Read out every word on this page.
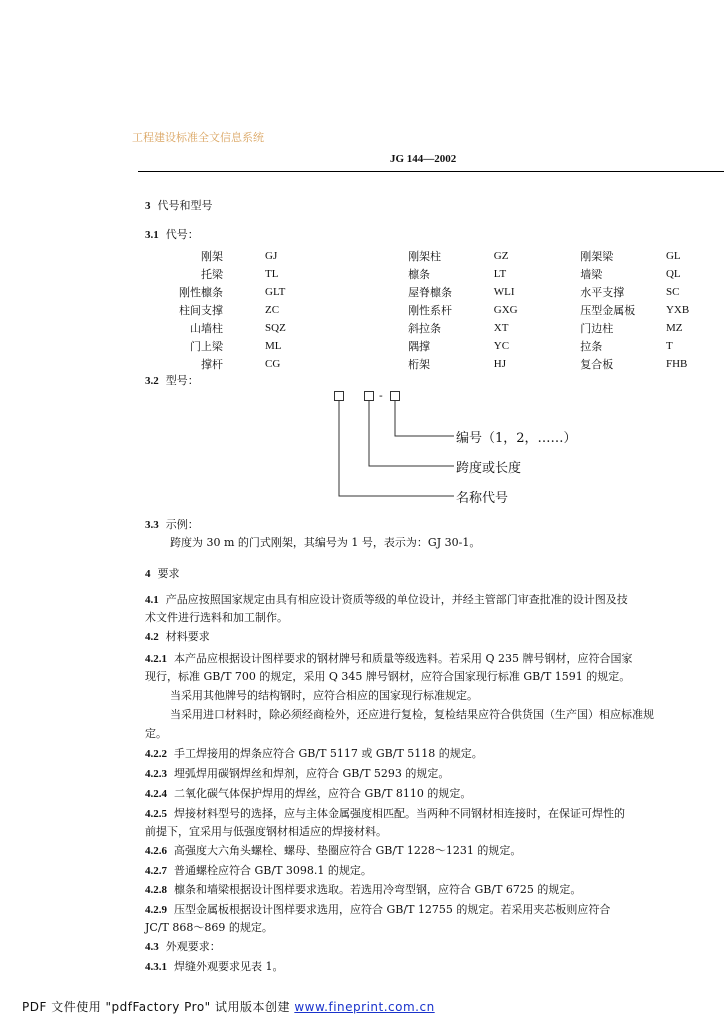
工程建设标准全文信息系统
JG 144—2002
3 代号和型号
3.1 代号：
刚架	GJ	刚架柱	GZ	刚架梁	GL
托梁	TL	檩条	LT	墙梁	QL
刚性檩条	GLT	屋脊檩条	WLI	水平支撑	SC
柱间支撑	ZC	刚性系杆	GXG	压型金属板	YXB
山墙柱	SQZ	斜拉条	XT	门边柱	MZ
门上梁	ML	隅撑	YC	拉条	T
撑杆	CG	桁架	HJ	复合板	FHB
3.2 型号：
-
编号（1，2，……）
跨度或长度
名称代号
3.3 示例：
跨度为 30 m 的门式刚架，其编号为 1 号，表示为：GJ 30-1。
4 要求
4.1 产品应按照国家规定由具有相应设计资质等级的单位设计，并经主管部门审查批准的设计图及技
术文件进行选料和加工制作。
4.2 材料要求
4.2.1 本产品应根据设计图样要求的钢材牌号和质量等级选料。若采用 Q 235 牌号钢材，应符合国家
现行，标准 GB/T 700 的规定，采用 Q 345 牌号钢材，应符合国家现行标准 GB/T 1591 的规定。
当采用其他牌号的结构钢时，应符合相应的国家现行标准规定。
当采用进口材料时，除必须经商检外，还应进行复检，复检结果应符合供货国（生产国）相应标准规
定。
4.2.2 手工焊接用的焊条应符合 GB/T 5117 或 GB/T 5118 的规定。
4.2.3 埋弧焊用碳钢焊丝和焊剂，应符合 GB/T 5293 的规定。
4.2.4 二氧化碳气体保护焊用的焊丝，应符合 GB/T 8110 的规定。
4.2.5 焊接材料型号的选择，应与主体金属强度相匹配。当两种不同钢材相连接时，在保证可焊性的
前提下，宜采用与低强度钢材相适应的焊接材料。
4.2.6 高强度大六角头螺栓、螺母、垫圈应符合 GB/T 1228～1231 的规定。
4.2.7 普通螺栓应符合 GB/T 3098.1 的规定。
4.2.8 檩条和墙梁根据设计图样要求选取。若选用冷弯型钢，应符合 GB/T 6725 的规定。
4.2.9 压型金属板根据设计图样要求选用，应符合 GB/T 12755 的规定。若采用夹芯板则应符合
JC/T 868～869 的规定。
4.3 外观要求：
4.3.1 焊缝外观要求见表 1。
PDF 文件使用 "pdfFactory Pro" 试用版本创建 www.fineprint.com.cn
